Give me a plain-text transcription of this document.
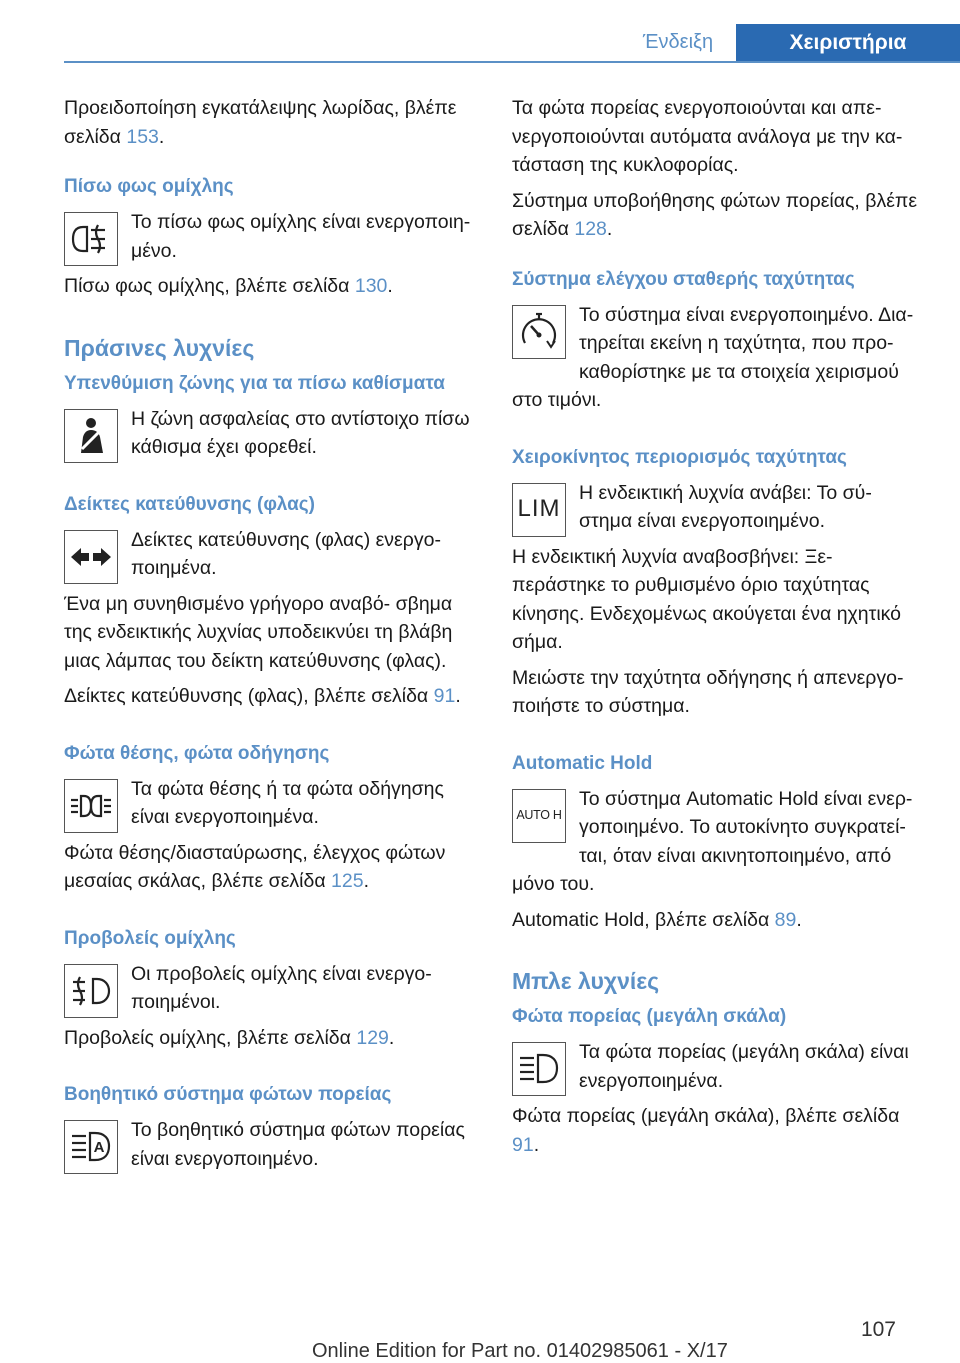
Ένδειξη	Χειριστήρια

Προειδοποίηση εγκατάλειψης λωρίδας, βλέπε σελίδα 153.

Πίσω φως ομίχλης

Το πίσω φως ομίχλης είναι ενεργοποιη‐ μένο.

Πίσω φως ομίχλης, βλέπε σελίδα 130.

Πράσινες λυχνίες
Υπενθύμιση ζώνης για τα πίσω καθίσματα

Η ζώνη ασφαλείας στο αντίστοιχο πίσω κάθισμα έχει φορεθεί.

Δείκτες κατεύθυνσης (φλας)

Δείκτες κατεύθυνσης (φλας) ενεργο‐ ποιημένα.

Ένα μη συνηθισμένο γρήγορο αναβό‐ σβημα της ενδεικτικής λυχνίας υποδεικνύει τη βλάβη μιας λάμπας του δείκτη κατεύθυνσης (φλας).

Δείκτες κατεύθυνσης (φλας), βλέπε σελίδα 91.

Φώτα θέσης, φώτα οδήγησης

Τα φώτα θέσης ή τα φώτα οδήγησης είναι ενεργοποιημένα.

Φώτα θέσης/διασταύρωσης, έλεγχος φώτων μεσαίας σκάλας, βλέπε σελίδα 125.

Προβολείς ομίχλης

Οι προβολείς ομίχλης είναι ενεργο‐ ποιημένοι.

Προβολείς ομίχλης, βλέπε σελίδα 129.

Βοηθητικό σύστημα φώτων πορείας
A

Το βοηθητικό σύστημα φώτων πορείας είναι ενεργοποιημένο.

Τα φώτα πορείας ενεργοποιούνται και απε‐ νεργοποιούνται αυτόματα ανάλογα με την κα‐ τάσταση της κυκλοφορίας.

Σύστημα υποβοήθησης φώτων πορείας, βλέπε σελίδα 128.

Σύστημα ελέγχου σταθερής ταχύτητας

Το σύστημα είναι ενεργοποιημένο. Δια‐ τηρείται εκείνη η ταχύτητα, που προ‐ καθορίστηκε με τα στοιχεία χειρισμού στο τιμόνι.

Χειροκίνητος περιορισμός ταχύτητας
LIM

Η ενδεικτική λυχνία ανάβει: Το σύ‐ στημα είναι ενεργοποιημένο.

Η ενδεικτική λυχνία αναβοσβήνει: Ξε‐ περάστηκε το ρυθμισμένο όριο ταχύτητας κίνησης. Ενδεχομένως ακούγεται ένα ηχητικό σήμα.

Μειώστε την ταχύτητα οδήγησης ή απενεργο‐ ποιήστε το σύστημα.

Automatic Hold
AUTO H

Το σύστημα Automatic Hold είναι ενερ‐ γοποιημένο. Το αυτοκίνητο συγκρατεί‐ ται, όταν είναι ακινητοποιημένο, από μόνο του.

Automatic Hold, βλέπε σελίδα 89.

Μπλε λυχνίες
Φώτα πορείας (μεγάλη σκάλα)

Τα φώτα πορείας (μεγάλη σκάλα) είναι ενεργοποιημένα.

Φώτα πορείας (μεγάλη σκάλα), βλέπε σελίδα 91.

107
Online Edition for Part no. 01402985061 - X/17
